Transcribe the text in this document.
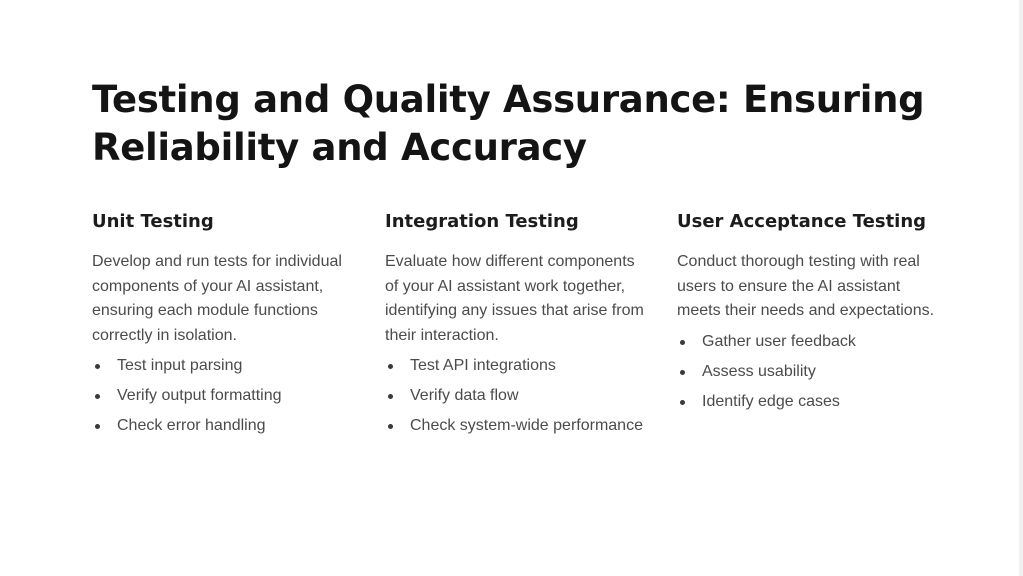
Testing and Quality Assurance: Ensuring Reliability and Accuracy
Unit Testing

Develop and run tests for individual components of your AI assistant, ensuring each module functions correctly in isolation.

Test input parsing
Verify output formatting
Check error handling
Integration Testing

Evaluate how different components of your AI assistant work together, identifying any issues that arise from their interaction.

Test API integrations
Verify data flow
Check system-wide performance
User Acceptance Testing

Conduct thorough testing with real users to ensure the AI assistant meets their needs and expectations.

Gather user feedback
Assess usability
Identify edge cases
